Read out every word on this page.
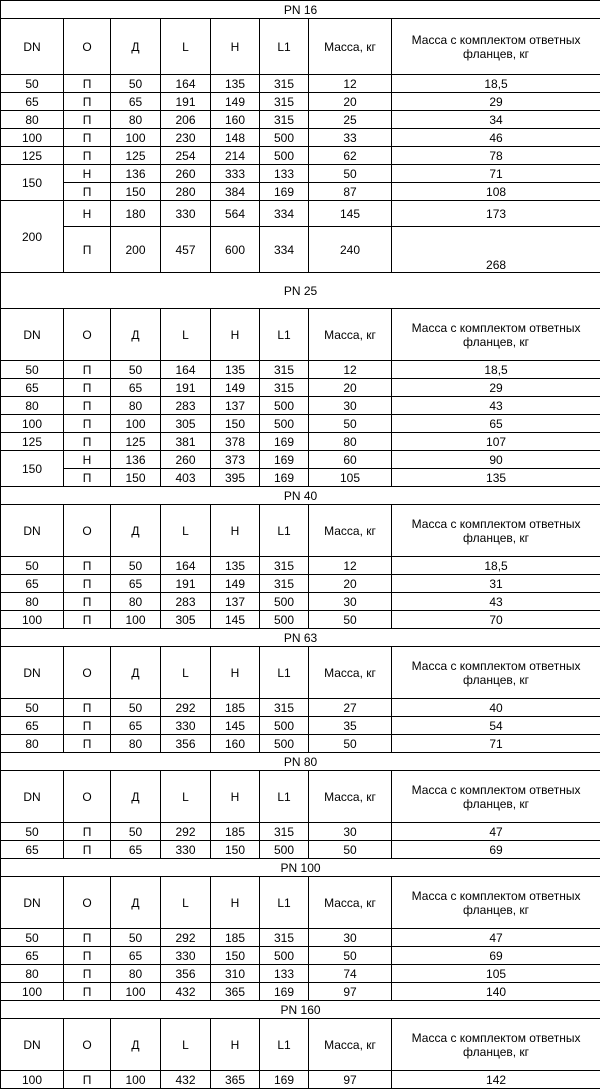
PN 16							
DN	О	Д	L	H	L1	Масса, кг	Масса с комплектом ответных фланцев, кг
50	П	50	164	135	315	12	18,5
65	П	65	191	149	315	20	29
80	П	80	206	160	315	25	34
100	П	100	230	148	500	33	46
125	П	125	254	214	500	62	78
150	Н	136	260	333	133	50	71
	П	150	280	384	169	87	108
200	Н	180	330	564	334	145	173
	П	200	457	600	334	240	268
PN 25							
DN	О	Д	L	H	L1	Масса, кг	Масса с комплектом ответных фланцев, кг
50	П	50	164	135	315	12	18,5
65	П	65	191	149	315	20	29
80	П	80	283	137	500	30	43
100	П	100	305	150	500	50	65
125	П	125	381	378	169	80	107
150	Н	136	260	373	169	60	90
	П	150	403	395	169	105	135
PN 40							
DN	О	Д	L	H	L1	Масса, кг	Масса с комплектом ответных фланцев, кг
50	П	50	164	135	315	12	18,5
65	П	65	191	149	315	20	31
80	П	80	283	137	500	30	43
100	П	100	305	145	500	50	70
PN 63							
DN	О	Д	L	H	L1	Масса, кг	Масса с комплектом ответных фланцев, кг
50	П	50	292	185	315	27	40
65	П	65	330	145	500	35	54
80	П	80	356	160	500	50	71
PN 80							
DN	О	Д	L	H	L1	Масса, кг	Масса с комплектом ответных фланцев, кг
50	П	50	292	185	315	30	47
65	П	65	330	150	500	50	69
PN 100							
DN	О	Д	L	H	L1	Масса, кг	Масса с комплектом ответных фланцев, кг
50	П	50	292	185	315	30	47
65	П	65	330	150	500	50	69
80	П	80	356	310	133	74	105
100	П	100	432	365	169	97	140
PN 160							
DN	О	Д	L	H	L1	Масса, кг	Масса с комплектом ответных фланцев, кг
100	П	100	432	365	169	97	142
